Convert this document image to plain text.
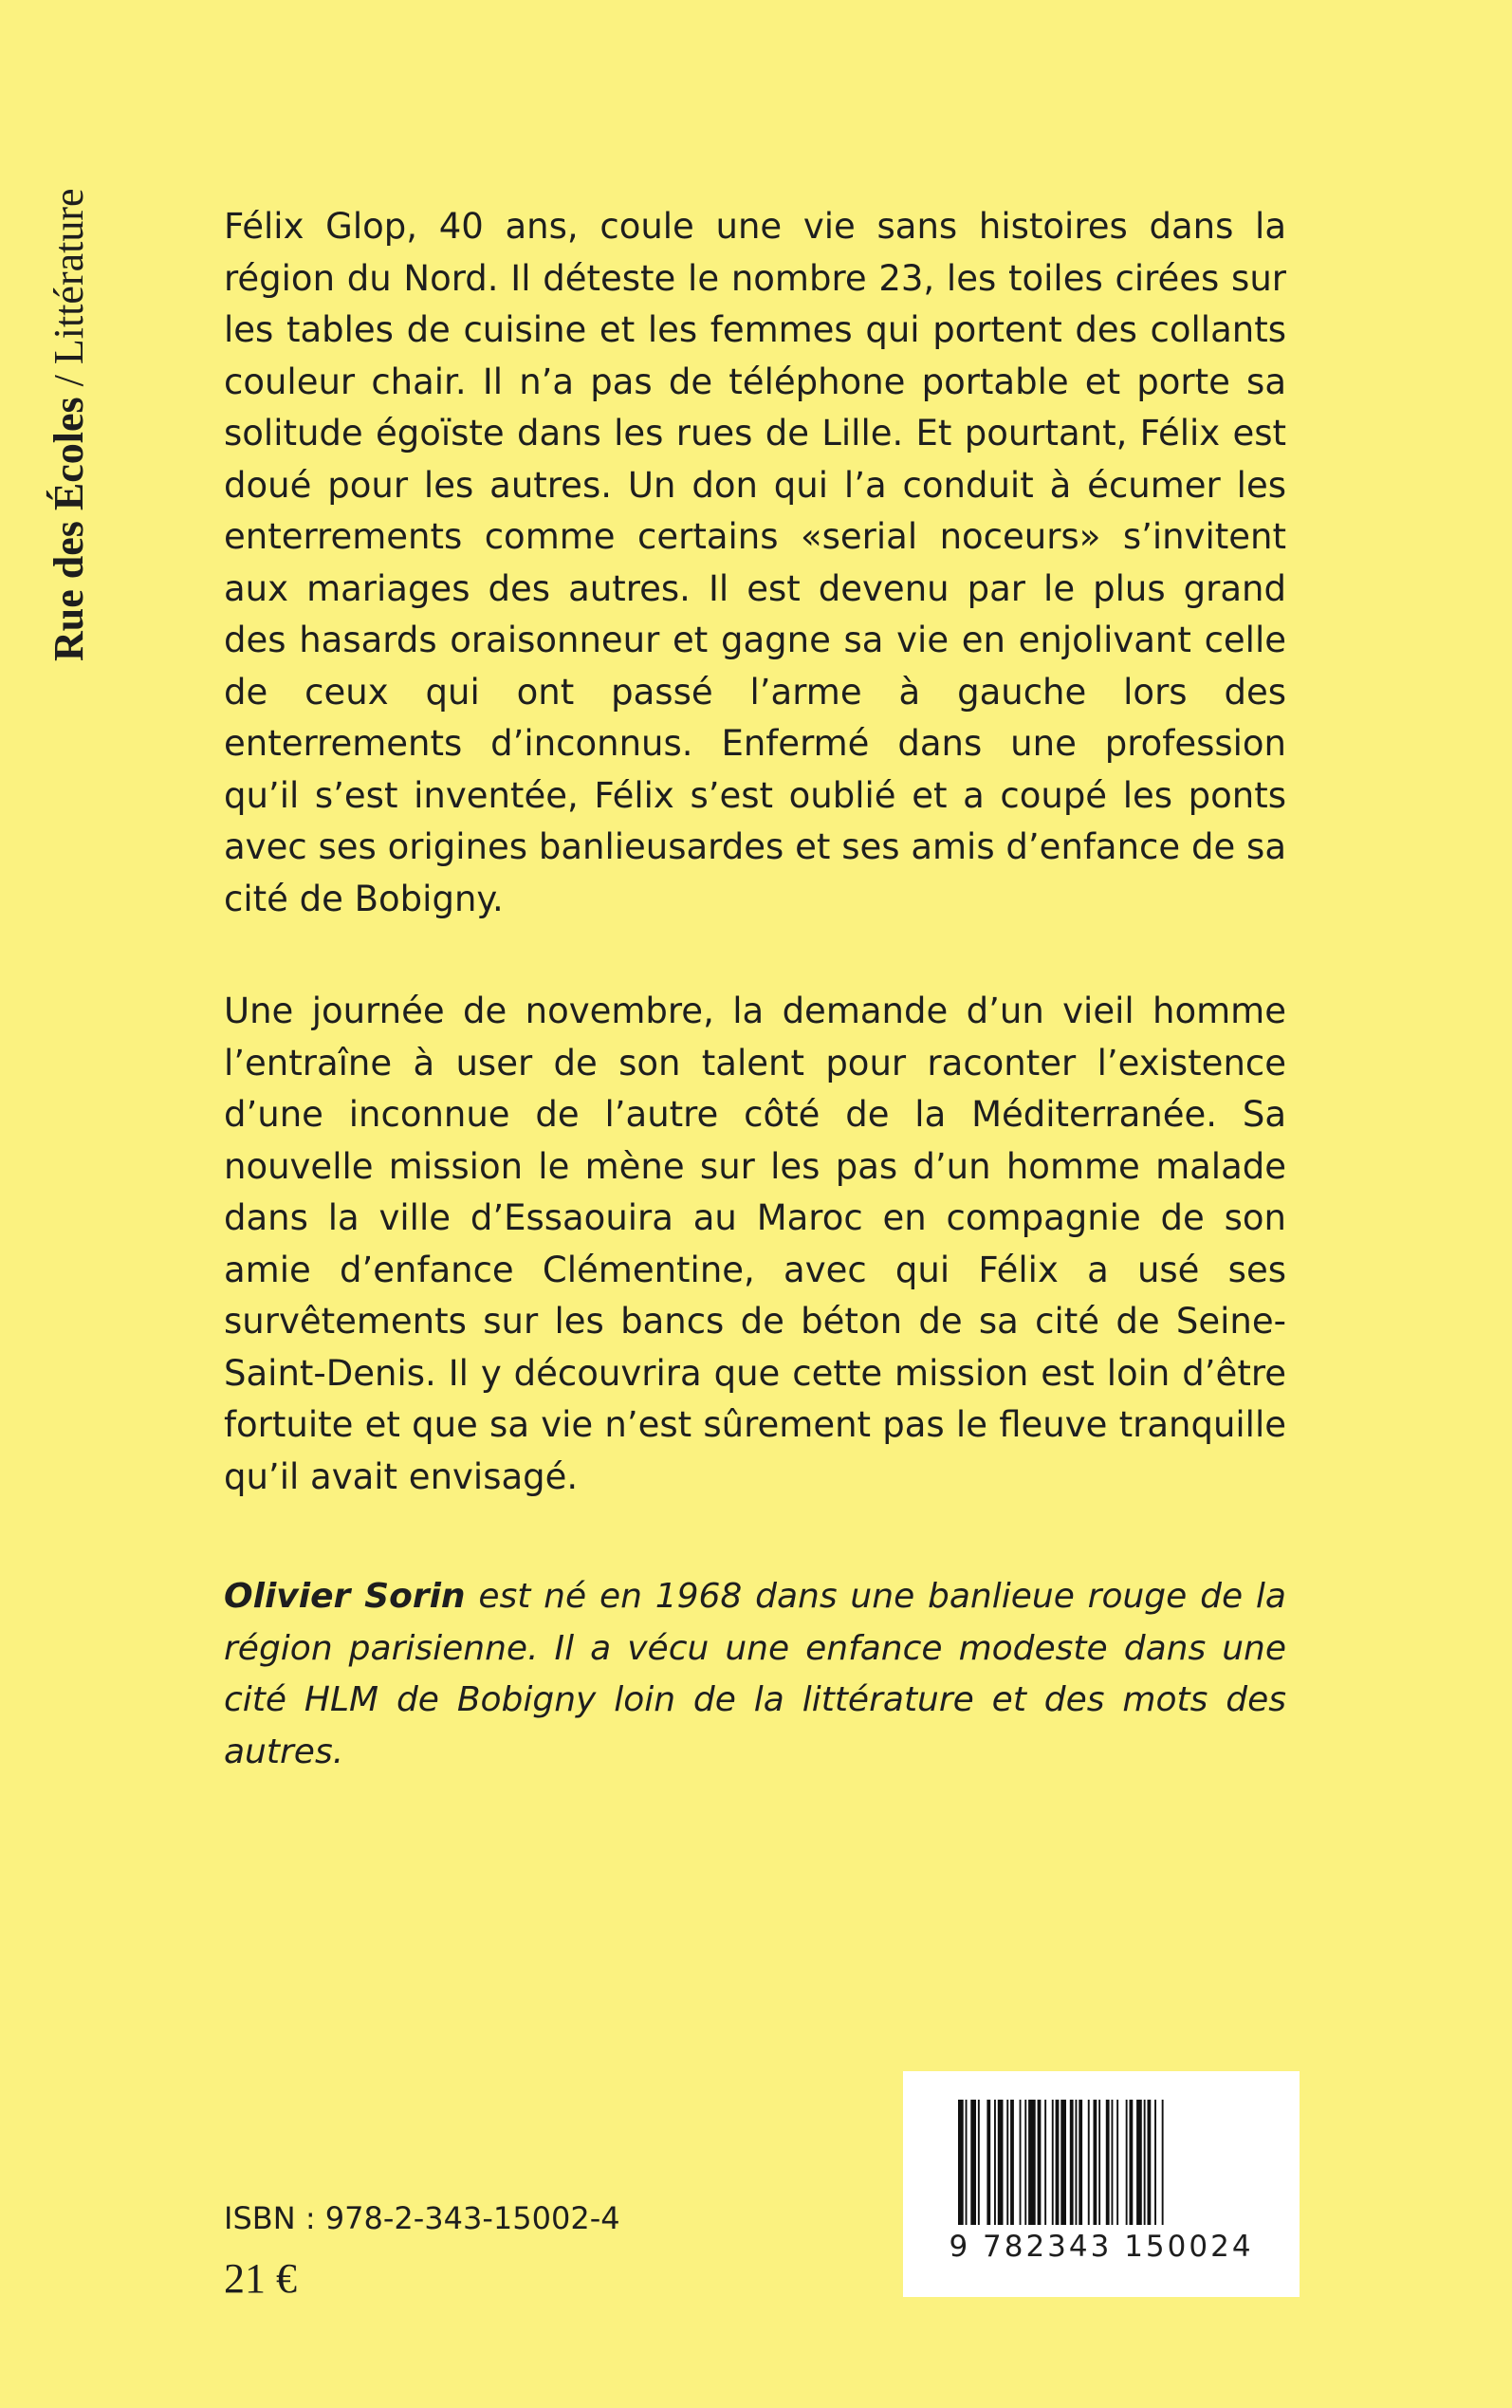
Rue des Écoles / Littérature	Félix Glop, 40 ans, coule une vie sans histoires dans la région du Nord. Il déteste le nombre 23, les toiles cirées sur les tables de cuisine et les femmes qui portent des collants couleur chair. Il n’a pas de téléphone portable et porte sa solitude égoïste dans les rues de Lille. Et pourtant, Félix est doué pour les autres. Un don qui l’a conduit à écumer les enterrements comme certains «serial noceurs» s’invitent aux mariages des autres. Il est devenu par le plus grand des hasards oraisonneur et gagne sa vie en enjolivant celle de ceux qui ont passé l’arme à gauche lors des enterrements d’inconnus. Enfermé dans une profession qu’il s’est inventée, Félix s’est oublié et a coupé les ponts avec ses origines banlieusardes et ses amis d’enfance de sa cité de Bobigny.

Une journée de novembre, la demande d’un vieil homme l’entraîne à user de son talent pour raconter l’existence d’une inconnue de l’autre côté de la Méditerranée. Sa nouvelle mission le mène sur les pas d’un homme malade dans la ville d’Essaouira au Maroc en compagnie de son amie d’enfance Clémentine, avec qui Félix a usé ses survêtements sur les bancs de béton de sa cité de Seine-Saint-Denis. Il y découvrira que cette mission est loin d’être fortuite et que sa vie n’est sûrement pas le fleuve tranquille qu’il avait envisagé.

Olivier Sorin est né en 1968 dans une banlieue rouge de la région parisienne. Il a vécu une enfance modeste dans une cité HLM de Bobigny loin de la littérature et des mots des autres.

ISBN : 978-2-343-15002-4
21 €
9 782343 150024
